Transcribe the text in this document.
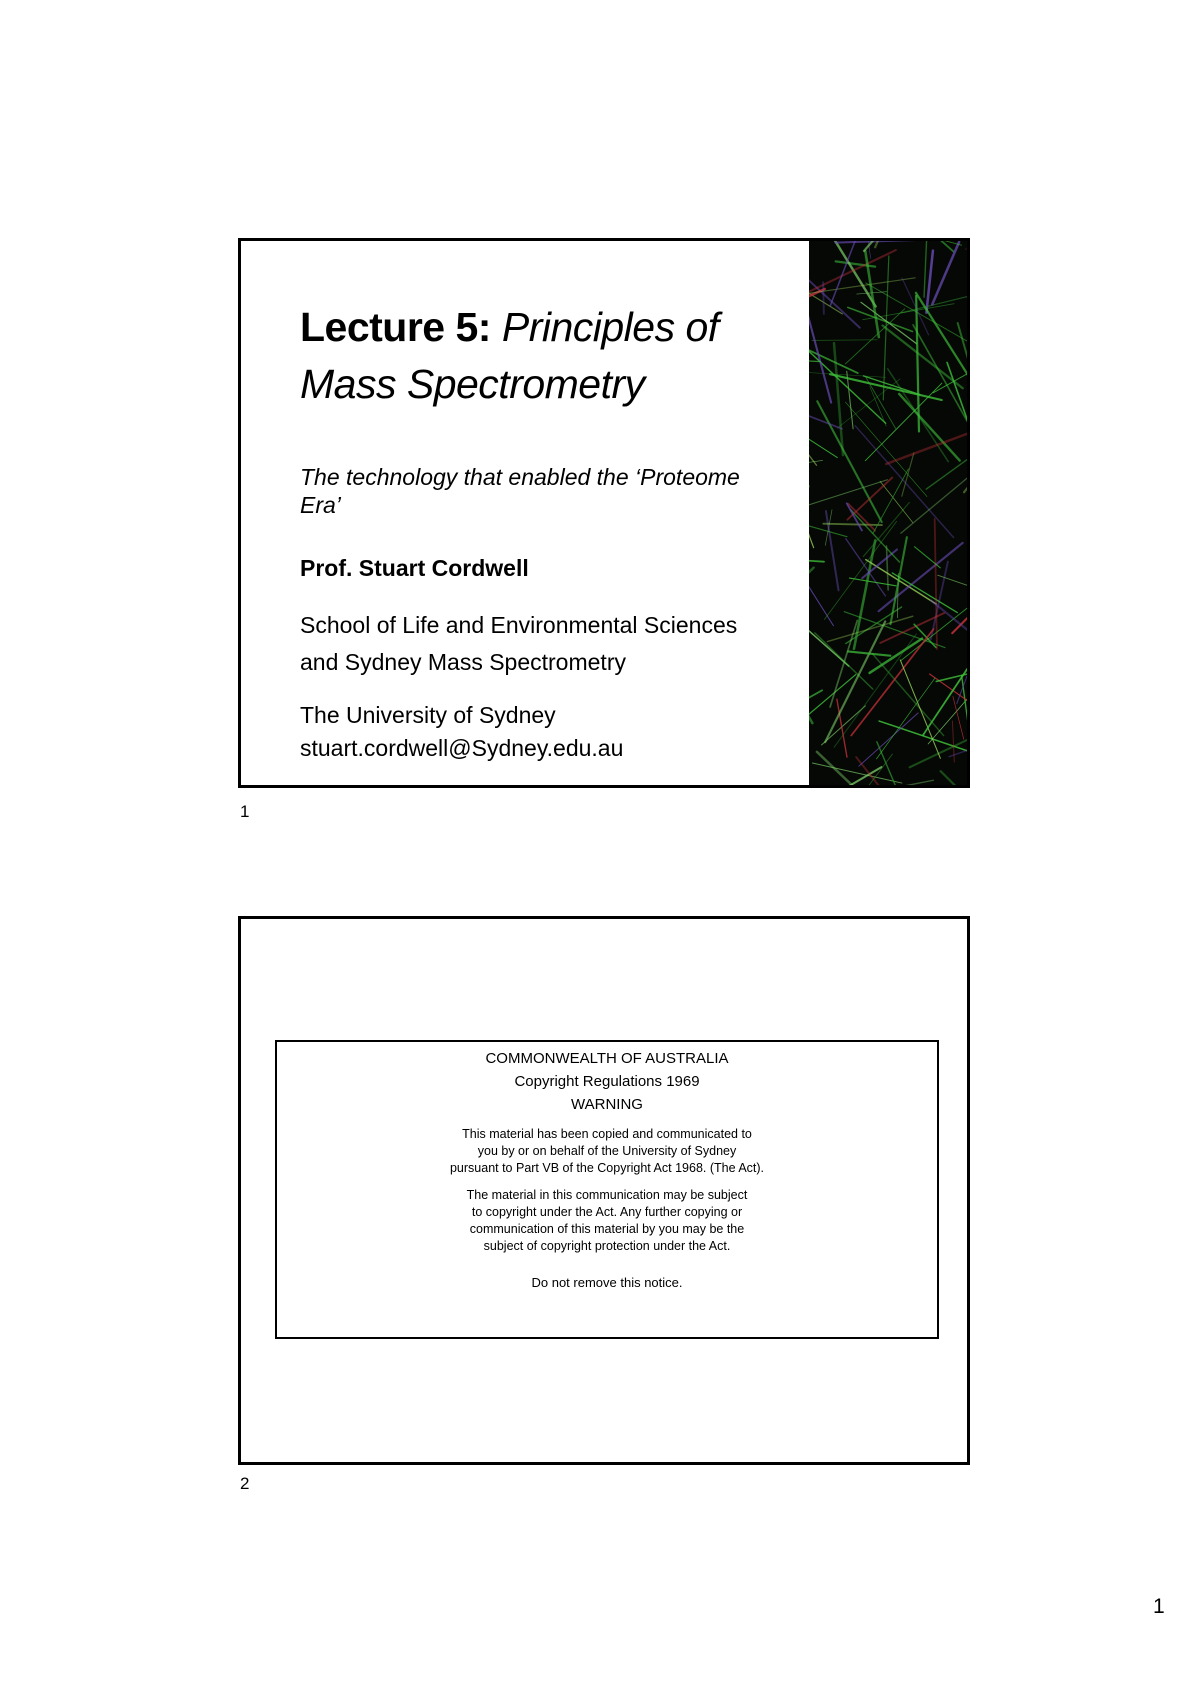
Lecture 5: Principles of Mass Spectrometry
The technology that enabled the ‘Proteome Era’
Prof. Stuart Cordwell
School of Life and Environmental Sciences
and Sydney Mass Spectrometry
The University of Sydney
stuart.cordwell@Sydney.edu.au
1
COMMONWEALTH OF AUSTRALIA
Copyright Regulations 1969
WARNING
This material has been copied and communicated to
you by or on behalf of the University of Sydney
pursuant to Part VB of the Copyright Act 1968. (The Act).
The material in this communication may be subject
to copyright under the Act. Any further copying or
communication of this material by you may be the
subject of copyright protection under the Act.
Do not remove this notice.
2
1
